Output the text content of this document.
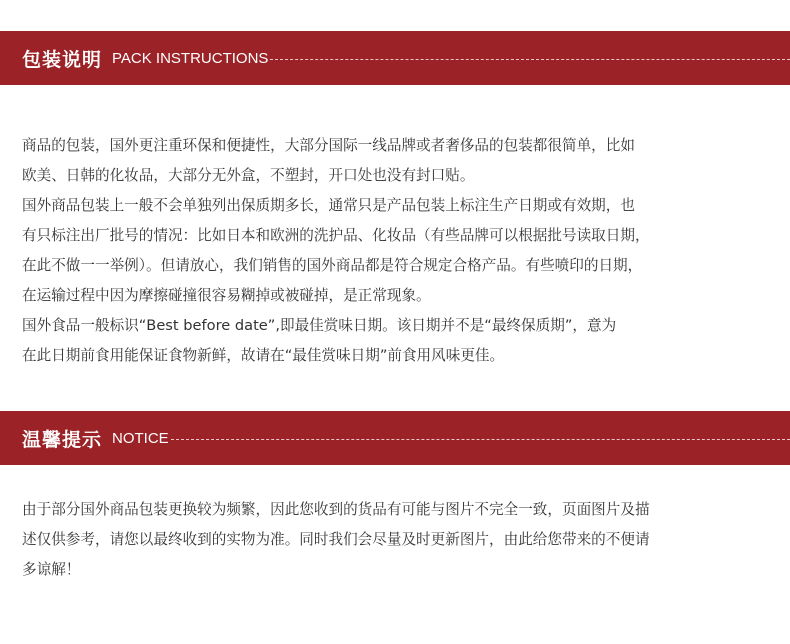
包装说明 PACK INSTRUCTIONS
商品的包装，国外更注重环保和便捷性，大部分国际一线品牌或者奢侈品的包装都很简单，比如
欧美、日韩的化妆品，大部分无外盒，不塑封，开口处也没有封口贴。
国外商品包装上一般不会单独列出保质期多长，通常只是产品包装上标注生产日期或有效期，也
有只标注出厂批号的情况：比如日本和欧洲的洗护品、化妆品（有些品牌可以根据批号读取日期，
在此不做一一举例）。但请放心，我们销售的国外商品都是符合规定合格产品。有些喷印的日期，
在运输过程中因为摩擦碰撞很容易糊掉或被碰掉，是正常现象。
国外食品一般标识“Best before date”,即最佳赏味日期。该日期并不是“最终保质期”，意为
在此日期前食用能保证食物新鲜，故请在“最佳赏味日期”前食用风味更佳。
温馨提示 NOTICE
由于部分国外商品包装更换较为频繁，因此您收到的货品有可能与图片不完全一致，页面图片及描
述仅供参考，请您以最终收到的实物为准。同时我们会尽量及时更新图片，由此给您带来的不便请
多谅解！
